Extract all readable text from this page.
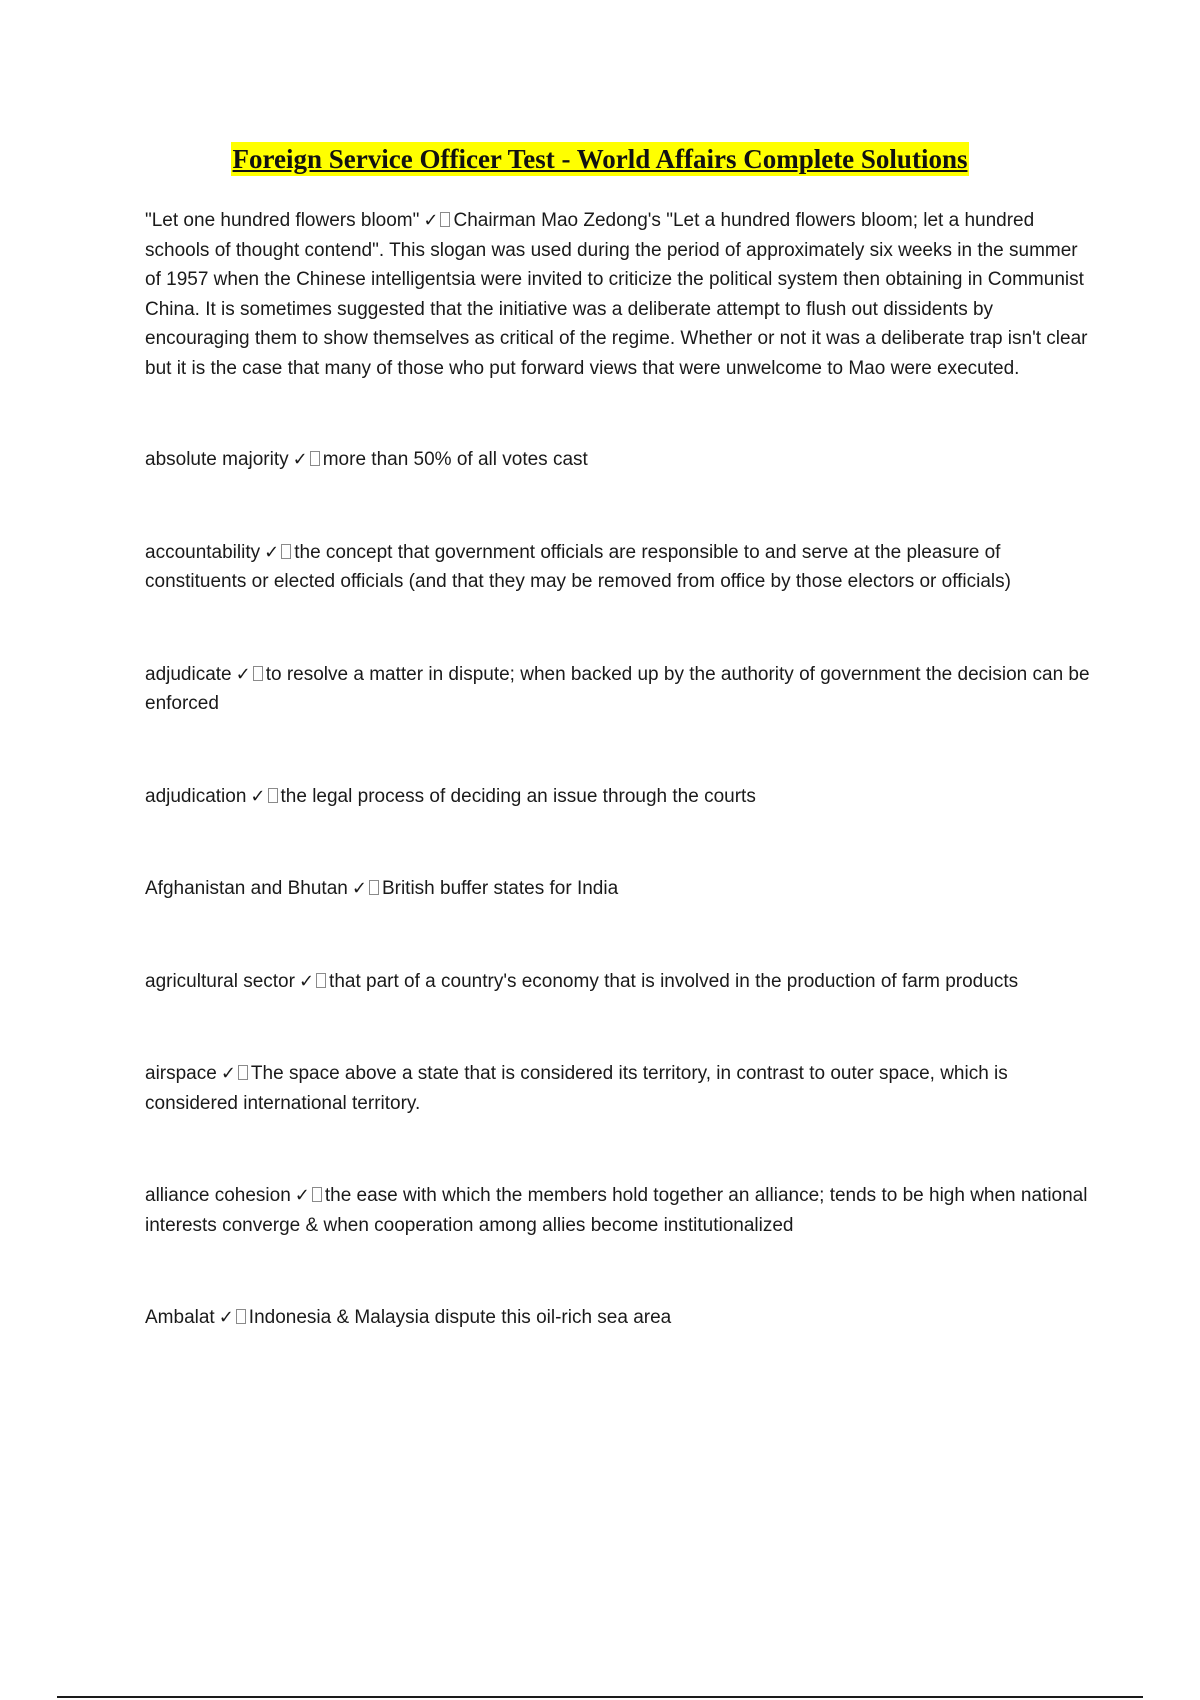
Foreign Service Officer Test - World Affairs Complete Solutions

"Let one hundred flowers bloom" ✓ Chairman Mao Zedong's "Let a hundred flowers bloom; let a hundred schools of thought contend". This slogan was used during the period of approximately six weeks in the summer of 1957 when the Chinese intelligentsia were invited to criticize the political system then obtaining in Communist China. It is sometimes suggested that the initiative was a deliberate attempt to flush out dissidents by encouraging them to show themselves as critical of the regime. Whether or not it was a deliberate trap isn't clear but it is the case that many of those who put forward views that were unwelcome to Mao were executed.

absolute majority ✓ more than 50% of all votes cast

accountability ✓ the concept that government officials are responsible to and serve at the pleasure of constituents or elected officials (and that they may be removed from office by those electors or officials)

adjudicate ✓ to resolve a matter in dispute; when backed up by the authority of government the decision can be enforced

adjudication ✓ the legal process of deciding an issue through the courts

Afghanistan and Bhutan ✓ British buffer states for India

agricultural sector ✓ that part of a country's economy that is involved in the production of farm products

airspace ✓ The space above a state that is considered its territory, in contrast to outer space, which is considered international territory.

alliance cohesion ✓ the ease with which the members hold together an alliance; tends to be high when national interests converge & when cooperation among allies become institutionalized

Ambalat ✓ Indonesia & Malaysia dispute this oil-rich sea area
